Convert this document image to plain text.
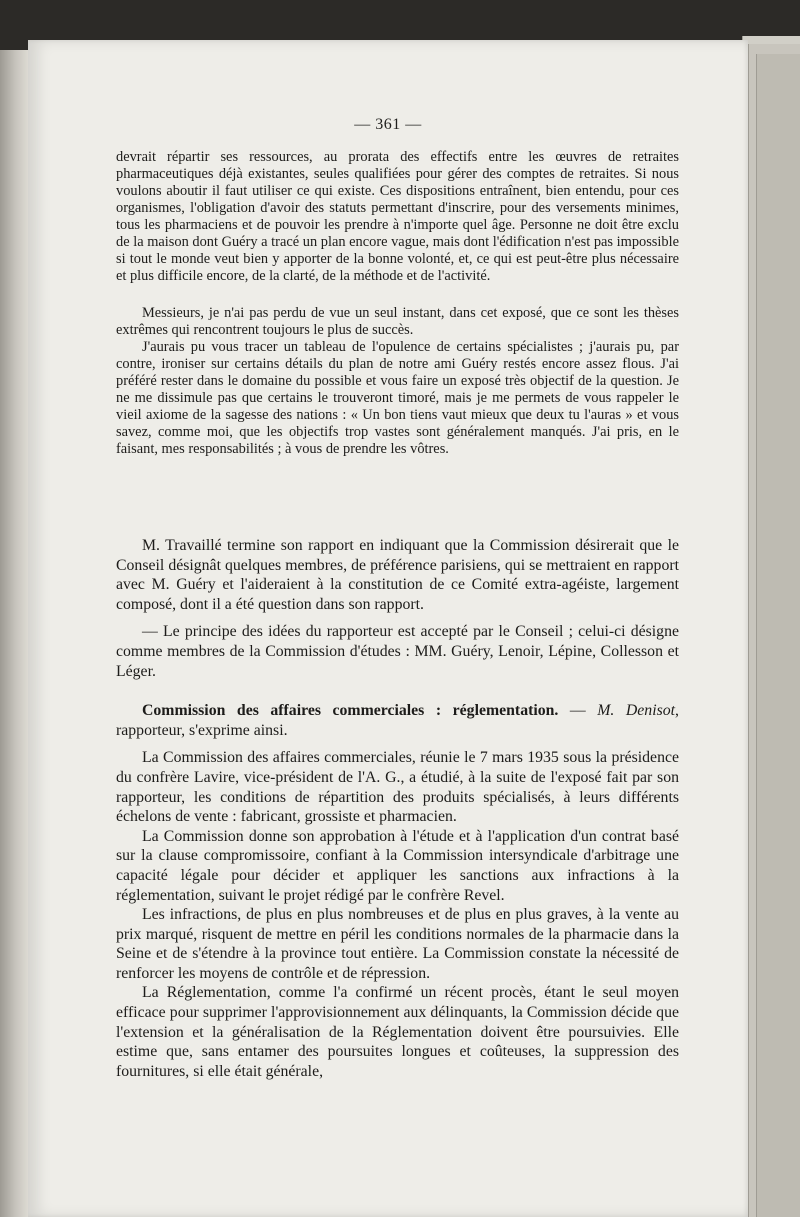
— 361 —

devrait répartir ses ressources, au prorata des effectifs entre les œuvres de retraites pharmaceutiques déjà existantes, seules qualifiées pour gérer des comptes de retraites. Si nous voulons aboutir il faut utiliser ce qui existe. Ces dispositions entraînent, bien entendu, pour ces organismes, l'obligation d'avoir des statuts permettant d'inscrire, pour des versements minimes, tous les pharmaciens et de pouvoir les prendre à n'importe quel âge. Personne ne doit être exclu de la maison dont Guéry a tracé un plan encore vague, mais dont l'édification n'est pas impossible si tout le monde veut bien y apporter de la bonne volonté, et, ce qui est peut-être plus nécessaire et plus difficile encore, de la clarté, de la méthode et de l'activité.

Messieurs, je n'ai pas perdu de vue un seul instant, dans cet exposé, que ce sont les thèses extrêmes qui rencontrent toujours le plus de succès.

J'aurais pu vous tracer un tableau de l'opulence de certains spécialistes ; j'aurais pu, par contre, ironiser sur certains détails du plan de notre ami Guéry restés encore assez flous. J'ai préféré rester dans le domaine du possible et vous faire un exposé très objectif de la question. Je ne me dissimule pas que certains le trouveront timoré, mais je me permets de vous rappeler le vieil axiome de la sagesse des nations : « Un bon tiens vaut mieux que deux tu l'auras » et vous savez, comme moi, que les objectifs trop vastes sont généralement manqués. J'ai pris, en le faisant, mes responsabilités ; à vous de prendre les vôtres.

M. Travaillé termine son rapport en indiquant que la Commission désirerait que le Conseil désignât quelques membres, de préférence parisiens, qui se mettraient en rapport avec M. Guéry et l'aideraient à la constitution de ce Comité extra-agéiste, largement composé, dont il a été question dans son rapport.

— Le principe des idées du rapporteur est accepté par le Conseil ; celui-ci désigne comme membres de la Commission d'études : MM. Guéry, Lenoir, Lépine, Collesson et Léger.

Commission des affaires commerciales : réglementation. — M. Denisot, rapporteur, s'exprime ainsi.

La Commission des affaires commerciales, réunie le 7 mars 1935 sous la présidence du confrère Lavire, vice-président de l'A. G., a étudié, à la suite de l'exposé fait par son rapporteur, les conditions de répartition des produits spécialisés, à leurs différents échelons de vente : fabricant, grossiste et pharmacien.

La Commission donne son approbation à l'étude et à l'application d'un contrat basé sur la clause compromissoire, confiant à la Commission intersyndicale d'arbitrage une capacité légale pour décider et appliquer les sanctions aux infractions à la réglementation, suivant le projet rédigé par le confrère Revel.

Les infractions, de plus en plus nombreuses et de plus en plus graves, à la vente au prix marqué, risquent de mettre en péril les conditions normales de la pharmacie dans la Seine et de s'étendre à la province tout entière. La Commission constate la nécessité de renforcer les moyens de contrôle et de répression.

La Réglementation, comme l'a confirmé un récent procès, étant le seul moyen efficace pour supprimer l'approvisionnement aux délinquants, la Commission décide que l'extension et la généralisation de la Réglementation doivent être poursuivies. Elle estime que, sans entamer des poursuites longues et coûteuses, la suppression des fournitures, si elle était générale,
